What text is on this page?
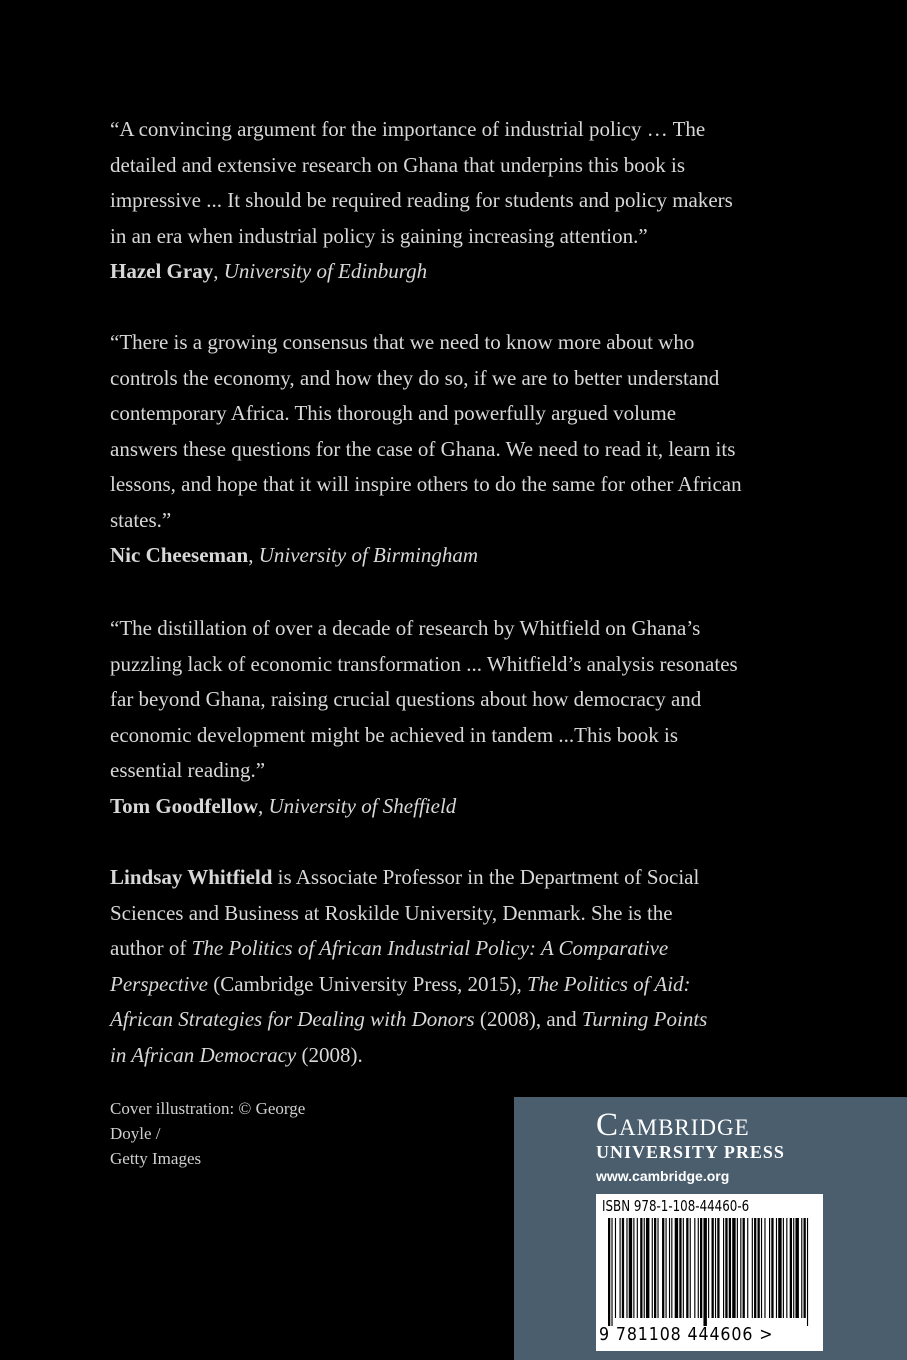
“A convincing argument for the importance of industrial policy … The
detailed and extensive research on Ghana that underpins this book is
impressive ... It should be required reading for students and policy makers
in an era when industrial policy is gaining increasing attention.”

Hazel Gray, University of Edinburgh

“There is a growing consensus that we need to know more about who
controls the economy, and how they do so, if we are to better understand
contemporary Africa. This thorough and powerfully argued volume
answers these questions for the case of Ghana. We need to read it, learn its
lessons, and hope that it will inspire others to do the same for other African
states.”

Nic Cheeseman, University of Birmingham

“The distillation of over a decade of research by Whitfield on Ghana’s
puzzling lack of economic transformation ... Whitfield’s analysis resonates
far beyond Ghana, raising crucial questions about how democracy and
economic development might be achieved in tandem ...This book is
essential reading.”

Tom Goodfellow, University of Sheffield

Lindsay Whitfield is Associate Professor in the Department of Social
Sciences and Business at Roskilde University, Denmark. She is the
author of The Politics of African Industrial Policy: A Comparative
Perspective (Cambridge University Press, 2015), The Politics of Aid:
African Strategies for Dealing with Donors (2008), and Turning Points
in African Democracy (2008).

Cover illustration: © George Doyle /
Getty Images
Cambridge
UNIVERSITY PRESS
www.cambridge.org
ISBN 978-1-108-44460-6
9 781108 444606 >
